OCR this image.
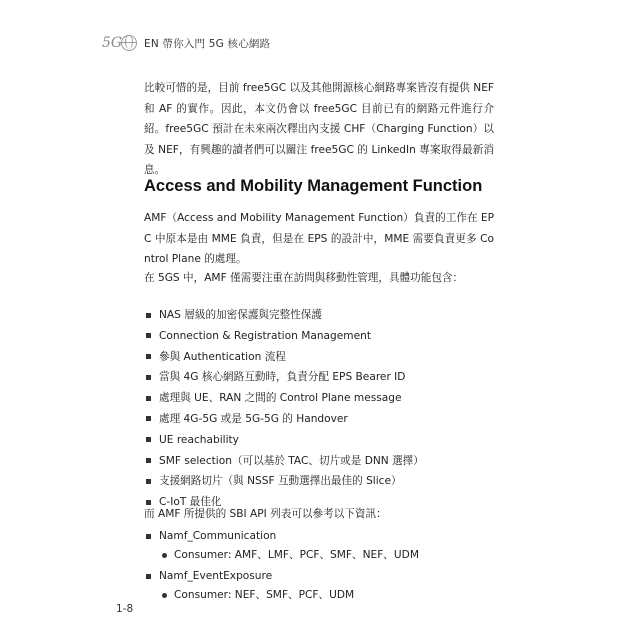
5G	EN 帶你入門 5G 核心網路

比較可惜的是，目前 free5GC 以及其他開源核心網路專案皆沒有提供 NEF 和 AF 的實作。因此，本文仍會以 free5GC 目前已有的網路元件進行介紹。free5GC 預計在未來兩次釋出內支援 CHF（Charging Function）以及 NEF，有興趣的讀者們可以關注 free5GC 的 LinkedIn 專案取得最新消息。

Access and Mobility Management Function

AMF（Access and Mobility Management Function）負責的工作在 EPC 中原本是由 MME 負責，但是在 EPS 的設計中，MME 需要負責更多 Control Plane 的處理。

在 5GS 中，AMF 僅需要注重在訪問與移動性管理，具體功能包含：

NAS 層級的加密保護與完整性保護
Connection & Registration Management
參與 Authentication 流程
當與 4G 核心網路互動時，負責分配 EPS Bearer ID
處理與 UE、RAN 之間的 Control Plane message
處理 4G-5G 或是 5G-5G 的 Handover
UE reachability
SMF selection（可以基於 TAC、切片或是 DNN 選擇）
支援網路切片（與 NSSF 互動選擇出最佳的 Slice）
C-IoT 最佳化

而 AMF 所提供的 SBI API 列表可以參考以下資訊：

Namf_Communication
Consumer: AMF、LMF、PCF、SMF、NEF、UDM
Namf_EventExposure
Consumer: NEF、SMF、PCF、UDM
1-8
